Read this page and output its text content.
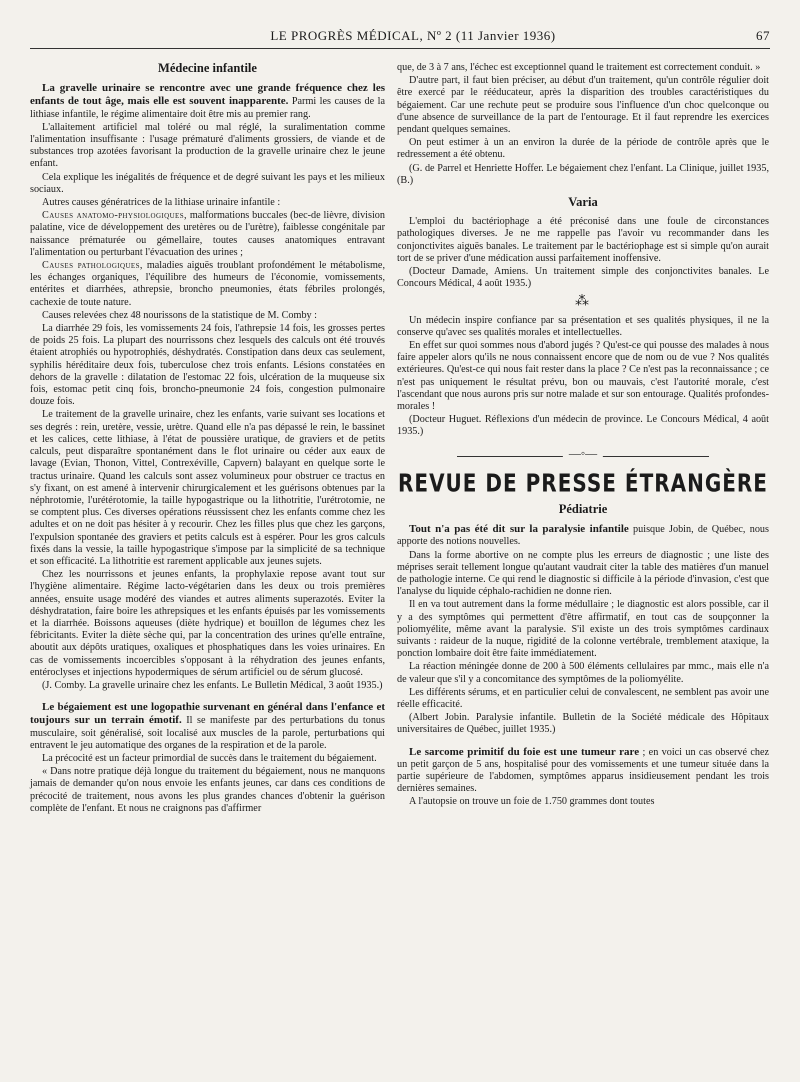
LE PROGRÈS MÉDICAL, Nº 2 (11 Janvier 1936)	67
Médecine infantile

La gravelle urinaire se rencontre avec une grande fréquence chez les enfants de tout âge, mais elle est souvent inapparente. Parmi les causes de la lithiase infantile, le régime alimentaire doit être mis au premier rang.

L'allaitement artificiel mal toléré ou mal réglé, la suralimentation comme l'alimentation insuffisante : l'usage prématuré d'aliments grossiers, de viande et de substances trop azotées favorisant la production de la gravelle urinaire chez le jeune enfant.

Cela explique les inégalités de fréquence et de degré suivant les pays et les milieux sociaux.

Autres causes génératrices de la lithiase urinaire infantile :

Causes anatomo-physiologiques, malformations buccales (bec-de lièvre, division palatine, vice de développement des uretères ou de l'urètre), faiblesse congénitale par naissance prématurée ou gémellaire, toutes causes anatomiques entravant l'alimentation ou perturbant l'évacuation des urines ;

Causes pathologiques, maladies aiguës troublant profondément le métabolisme, les échanges organiques, l'équilibre des humeurs de l'économie, vomissements, entérites et diarrhées, athrepsie, broncho pneumonies, états fébriles prolongés, cachexie de toute nature.

Causes relevées chez 48 nourissons de la statistique de M. Comby :

La diarrhée 29 fois, les vomissements 24 fois, l'athrepsie 14 fois, les grosses pertes de poids 25 fois. La plupart des nourrissons chez lesquels des calculs ont été trouvés étaient atrophiés ou hypotrophiés, déshydratés. Constipation dans deux cas seulement, syphilis héréditaire deux fois, tuberculose chez trois enfants. Lésions constatées en dehors de la gravelle : dilatation de l'estomac 22 fois, ulcération de la muqueuse six fois, estomac petit cinq fois, broncho-pneumonie 24 fois, congestion pulmonaire douze fois.

Le traitement de la gravelle urinaire, chez les enfants, varie suivant ses locations et ses degrés : rein, uretère, vessie, urètre. Quand elle n'a pas dépassé le rein, le bassinet et les calices, cette lithiase, à l'état de poussière uratique, de graviers et de petits calculs, peut disparaître spontanément dans le flot urinaire ou céder aux eaux de lavage (Evian, Thonon, Vittel, Contrexéville, Capvern) balayant en quelque sorte le tractus urinaire. Quand les calculs sont assez volumineux pour obstruer ce tractus en s'y fixant, on est amené à intervenir chirurgicalement et les guérisons obtenues par la néphrotomie, l'urétérotomie, la taille hypogastrique ou la lithotritie, l'urétrotomie, ne se comptent plus. Ces diverses opérations réussissent chez les enfants comme chez les adultes et on ne doit pas hésiter à y recourir. Chez les filles plus que chez les garçons, l'expulsion spontanée des graviers et petits calculs est à espérer. Pour les gros calculs fixés dans la vessie, la taille hypogastrique s'impose par la simplicité de sa technique et son efficacité. La lithotritie est rarement applicable aux jeunes sujets.

Chez les nourrissons et jeunes enfants, la prophylaxie repose avant tout sur l'hygiène alimentaire. Régime lacto-végétarien dans les deux ou trois premières années, ensuite usage modéré des viandes et autres aliments superazotés. Eviter la déshydratation, faire boire les athrepsiques et les enfants épuisés par les vomissements et la diarrhée. Boissons aqueuses (diète hydrique) et bouillon de légumes chez les fébricitants. Eviter la diète sèche qui, par la concentration des urines qu'elle entraîne, aboutit aux dépôts uratiques, oxaliques et phosphatiques dans les voies urinaires. En cas de vomissements incoercibles s'opposant à la réhydration des jeunes enfants, entéroclyses et injections hypodermiques de sérum artificiel ou de sérum glucosé.

(J. Comby. La gravelle urinaire chez les enfants. Le Bulletin Médical, 3 août 1935.)

Le bégaiement est une logopathie survenant en général dans l'enfance et toujours sur un terrain émotif. Il se manifeste par des perturbations du tonus musculaire, soit généralisé, soit localisé aux muscles de la parole, perturbations qui entravent le jeu automatique des organes de la respiration et de la parole.

La précocité est un facteur primordial de succès dans le traitement du bégaiement.

« Dans notre pratique déjà longue du traitement du bégaiement, nous ne manquons jamais de demander qu'on nous envoie les enfants jeunes, car dans ces conditions de précocité de traitement, nous avons les plus grandes chances d'obtenir la guérison complète de l'enfant. Et nous ne craignons pas d'affirmer

que, de 3 à 7 ans, l'échec est exceptionnel quand le traitement est correctement conduit. »

D'autre part, il faut bien préciser, au début d'un traitement, qu'un contrôle régulier doit être exercé par le rééducateur, après la disparition des troubles caractéristiques du bégaiement. Car une rechute peut se produire sous l'influence d'un choc quelconque ou d'une absence de surveillance de la part de l'entourage. Et il faut reprendre les exercices pendant quelques semaines.

On peut estimer à un an environ la durée de la période de contrôle après que le redressement a été obtenu.

(G. de Parrel et Henriette Hoffer. Le bégaiement chez l'enfant. La Clinique, juillet 1935, (B.)

Varia

L'emploi du bactériophage a été préconisé dans une foule de circonstances pathologiques diverses. Je ne me rappelle pas l'avoir vu recommander dans les conjonctivites aiguës banales. Le traitement par le bactériophage est si simple qu'on aurait tort de se priver d'une médication aussi parfaitement inoffensive.

(Docteur Damade, Amiens. Un traitement simple des conjonctivites banales. Le Concours Médical, 4 août 1935.)

⁂

Un médecin inspire confiance par sa présentation et ses qualités physiques, il ne la conserve qu'avec ses qualités morales et intellectuelles.

En effet sur quoi sommes nous d'abord jugés ? Qu'est-ce qui pousse des malades à nous faire appeler alors qu'ils ne nous connaissent encore que de nom ou de vue ? Nos qualités extérieures. Qu'est-ce qui nous fait rester dans la place ? Ce n'est pas la reconnaissance ; ce n'est pas uniquement le résultat prévu, bon ou mauvais, c'est l'autorité morale, c'est l'ascendant que nous aurons pris sur notre malade et sur son entourage. Qualités profondes-morales !

(Docteur Huguet. Réflexions d'un médecin de province. Le Concours Médical, 4 août 1935.)

—◦—
REVUE DE PRESSE ÉTRANGÈRE
Pédiatrie

Tout n'a pas été dit sur la paralysie infantile puisque Jobin, de Québec, nous apporte des notions nouvelles.

Dans la forme abortive on ne compte plus les erreurs de diagnostic ; une liste des méprises serait tellement longue qu'autant vaudrait citer la table des matières d'un manuel de pathologie interne. Ce qui rend le diagnostic si difficile à la période d'invasion, c'est que l'analyse du liquide céphalo-rachidien ne donne rien.

Il en va tout autrement dans la forme médullaire ; le diagnostic est alors possible, car il y a des symptômes qui permettent d'être affirmatif, en tout cas de soupçonner la poliomyélite, même avant la paralysie. S'il existe un des trois symptômes cardinaux suivants : raideur de la nuque, rigidité de la colonne vertébrale, tremblement ataxique, la ponction lombaire doit être faite immédiatement.

La réaction méningée donne de 200 à 500 éléments cellulaires par mmc., mais elle n'a de valeur que s'il y a concomitance des symptômes de la poliomyélite.

Les différents sérums, et en particulier celui de convalescent, ne semblent pas avoir une réelle efficacité.

(Albert Jobin. Paralysie infantile. Bulletin de la Société médicale des Hôpitaux universitaires de Québec, juillet 1935.)

Le sarcome primitif du foie est une tumeur rare ; en voici un cas observé chez un petit garçon de 5 ans, hospitalisé pour des vomissements et une tumeur située dans la partie supérieure de l'abdomen, symptômes apparus insidieusement pendant les trois dernières semaines.

A l'autopsie on trouve un foie de 1.750 grammes dont toutes
